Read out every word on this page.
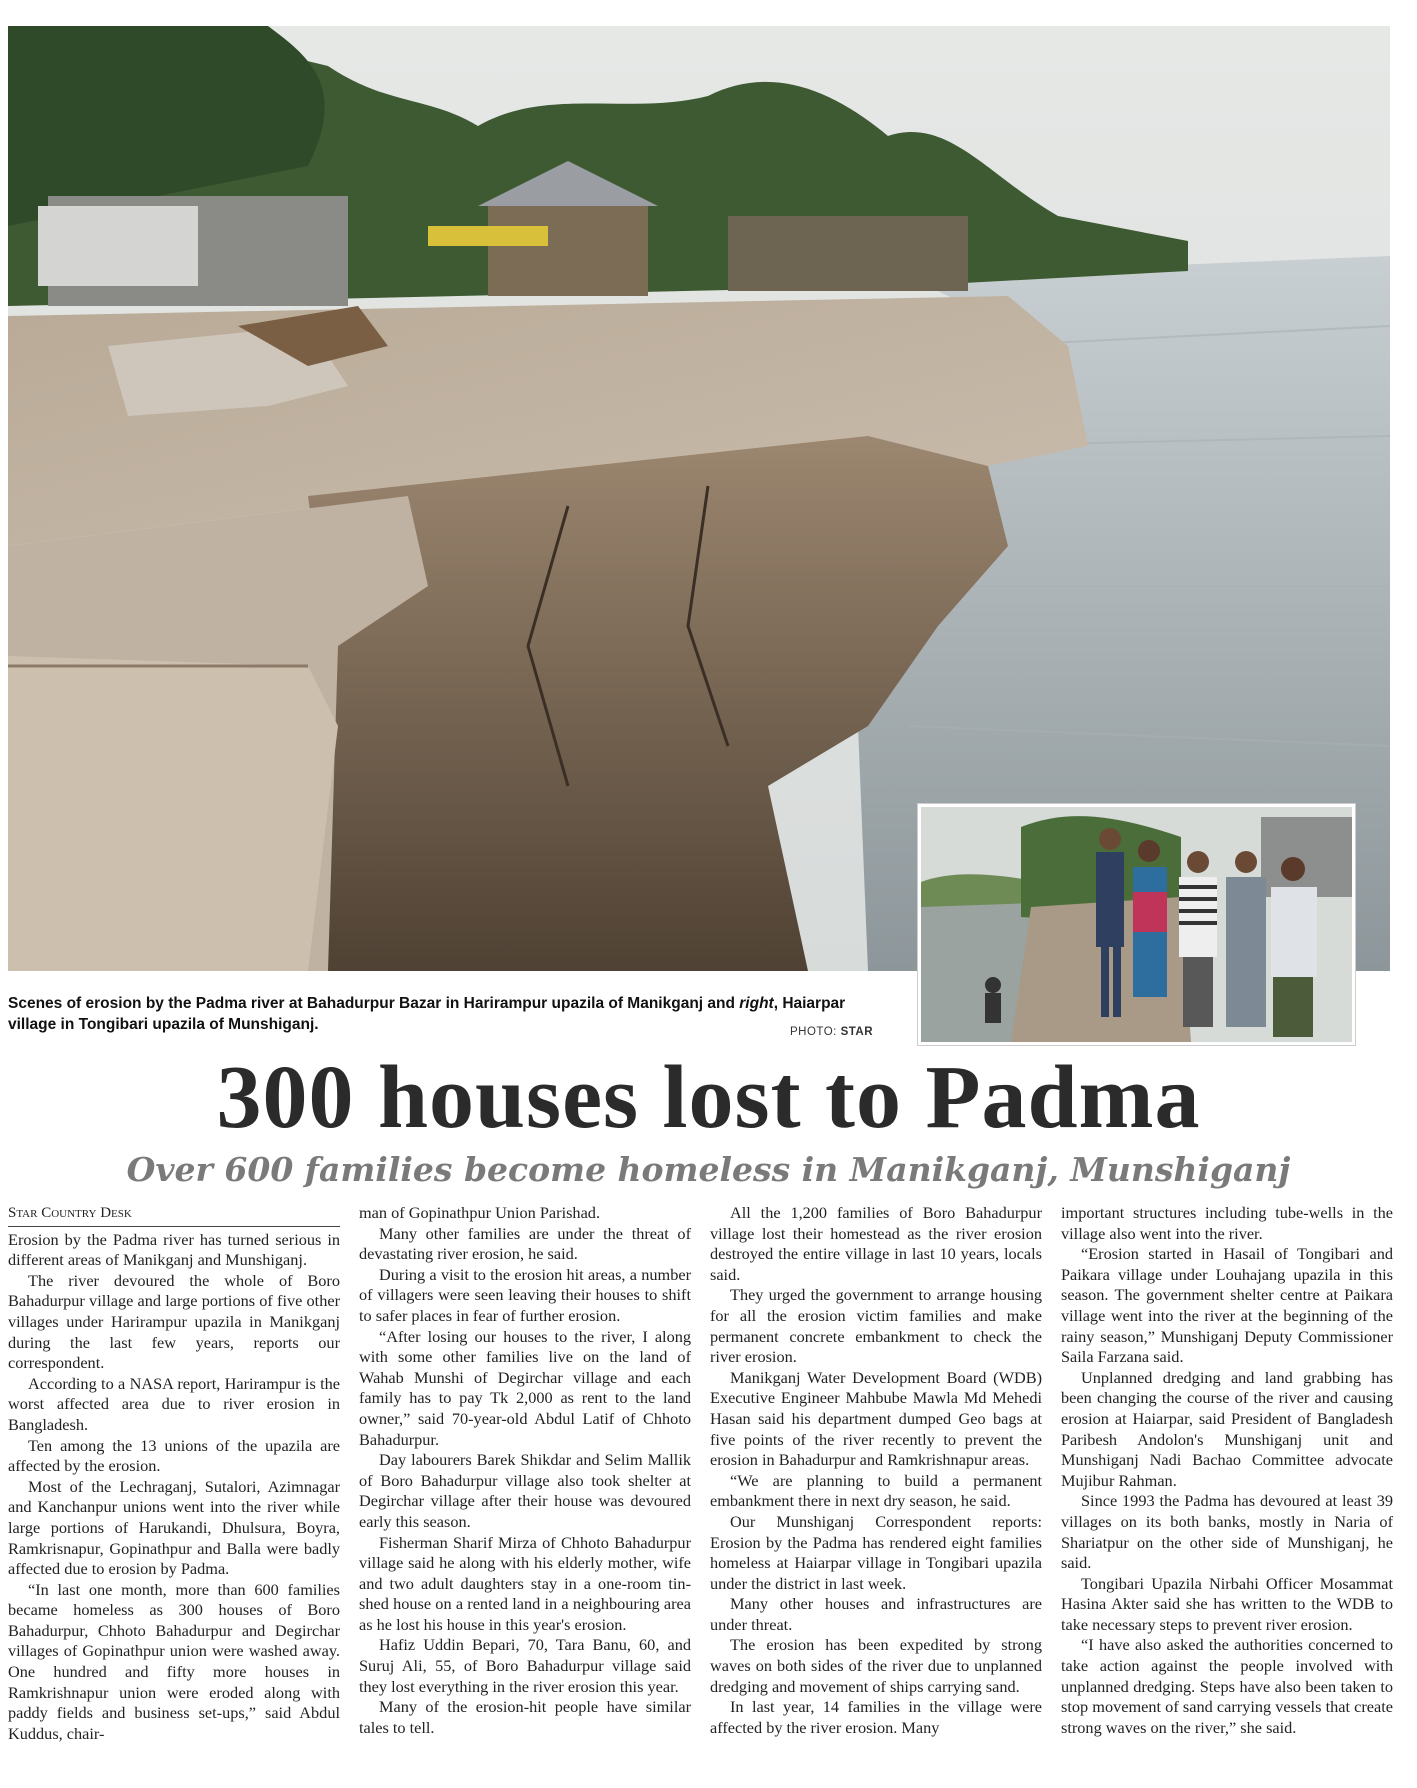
Scenes of erosion by the Padma river at Bahadurpur Bazar in Harirampur upazila of Manikganj and right, Haiarpar village in Tongibari upazila of Munshiganj.	PHOTO: STAR
300 houses lost to Padma
Over 600 families become homeless in Manikganj, Munshiganj
Star Country Desk

Erosion by the Padma river has turned serious in different areas of Manikganj and Munshiganj.

The river devoured the whole of Boro Bahadurpur village and large portions of five other villages under Harirampur upazila in Manikganj during the last few years, reports our correspondent.

According to a NASA report, Harirampur is the worst affected area due to river erosion in Bangladesh.

Ten among the 13 unions of the upazila are affected by the erosion.

Most of the Lechraganj, Sutalori, Azimnagar and Kanchanpur unions went into the river while large portions of Harukandi, Dhulsura, Boyra, Ramkrisnapur, Gopinathpur and Balla were badly affected due to erosion by Padma.

“In last one month, more than 600 families became homeless as 300 houses of Boro Bahadurpur, Chhoto Bahadurpur and Degirchar villages of Gopinathpur union were washed away. One hundred and fifty more houses in Ramkrishnapur union were eroded along with paddy fields and business set-ups,” said Abdul Kuddus, chair-

man of Gopinathpur Union Parishad.

Many other families are under the threat of devastating river erosion, he said.

During a visit to the erosion hit areas, a number of villagers were seen leaving their houses to shift to safer places in fear of further erosion.

“After losing our houses to the river, I along with some other families live on the land of Wahab Munshi of Degirchar village and each family has to pay Tk 2,000 as rent to the land owner,” said 70-year-old Abdul Latif of Chhoto Bahadurpur.

Day labourers Barek Shikdar and Selim Mallik of Boro Bahadurpur village also took shelter at Degirchar village after their house was devoured early this season.

Fisherman Sharif Mirza of Chhoto Bahadurpur village said he along with his elderly mother, wife and two adult daughters stay in a one-room tin-shed house on a rented land in a neighbouring area as he lost his house in this year's erosion.

Hafiz Uddin Bepari, 70, Tara Banu, 60, and Suruj Ali, 55, of Boro Bahadurpur village said they lost everything in the river erosion this year.

Many of the erosion-hit people have similar tales to tell.

All the 1,200 families of Boro Bahadurpur village lost their homestead as the river erosion destroyed the entire village in last 10 years, locals said.

They urged the government to arrange housing for all the erosion victim families and make permanent concrete embankment to check the river erosion.

Manikganj Water Development Board (WDB) Executive Engineer Mahbube Mawla Md Mehedi Hasan said his department dumped Geo bags at five points of the river recently to prevent the erosion in Bahadurpur and Ramkrishnapur areas.

“We are planning to build a permanent embankment there in next dry season, he said.

Our Munshiganj Correspondent reports: Erosion by the Padma has rendered eight families homeless at Haiarpar village in Tongibari upazila under the district in last week.

Many other houses and infrastructures are under threat.

The erosion has been expedited by strong waves on both sides of the river due to unplanned dredging and movement of ships carrying sand.

In last year, 14 families in the village were affected by the river erosion. Many

important structures including tube-wells in the village also went into the river.

“Erosion started in Hasail of Tongibari and Paikara village under Louhajang upazila in this season. The government shelter centre at Paikara village went into the river at the beginning of the rainy season,” Munshiganj Deputy Commissioner Saila Farzana said.

Unplanned dredging and land grabbing has been changing the course of the river and causing erosion at Haiarpar, said President of Bangladesh Paribesh Andolon's Munshiganj unit and Munshiganj Nadi Bachao Committee advocate Mujibur Rahman.

Since 1993 the Padma has devoured at least 39 villages on its both banks, mostly in Naria of Shariatpur on the other side of Munshiganj, he said.

Tongibari Upazila Nirbahi Officer Mosammat Hasina Akter said she has written to the WDB to take necessary steps to prevent river erosion.

“I have also asked the authorities concerned to take action against the people involved with unplanned dredging. Steps have also been taken to stop movement of sand carrying vessels that create strong waves on the river,” she said.
